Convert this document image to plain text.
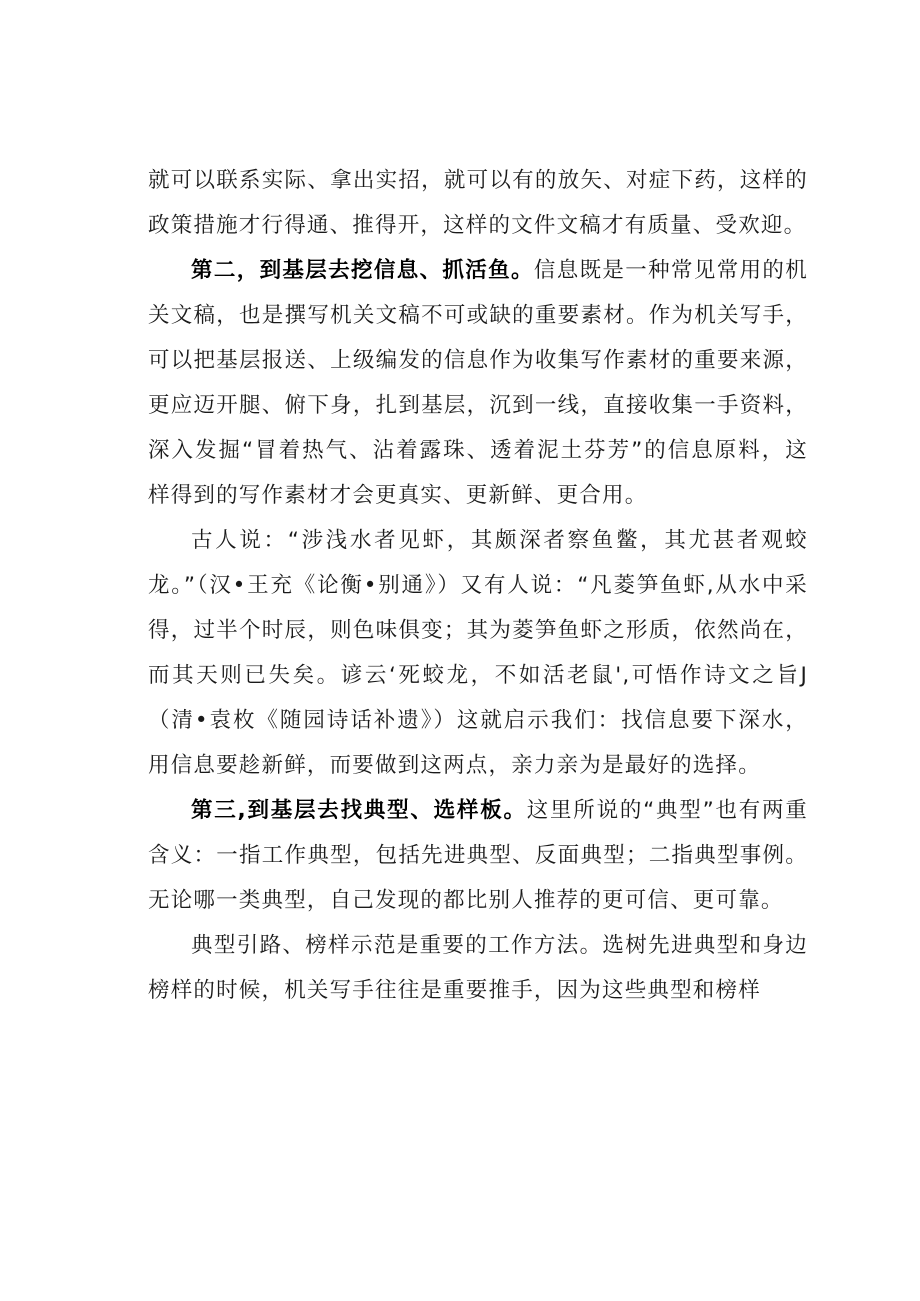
就可以联系实际、拿出实招，就可以有的放矢、对症下药，这样的政策措施才行得通、推得开，这样的文件文稿才有质量、受欢迎。

第二，到基层去挖信息、抓活鱼。信息既是一种常见常用的机关文稿，也是撰写机关文稿不可或缺的重要素材。作为机关写手，可以把基层报送、上级编发的信息作为收集写作素材的重要来源，更应迈开腿、俯下身，扎到基层，沉到一线，直接收集一手资料，深入发掘“冒着热气、沾着露珠、透着泥土芬芳”的信息原料，这样得到的写作素材才会更真实、更新鲜、更合用。

古人说：“涉浅水者见虾，其颇深者察鱼鳖，其尤甚者观蛟龙。”（汉•王充《论衡•别通》）又有人说：“凡菱笋鱼虾,从水中采得，过半个时辰，则色味俱变；其为菱笋鱼虾之形质，依然尚在，而其天则已失矣。谚云‘死蛟龙，不如活老鼠',可悟作诗文之旨J（清•袁枚《随园诗话补遗》）这就启示我们：找信息要下深水，用信息要趁新鲜，而要做到这两点，亲力亲为是最好的选择。

第三,到基层去找典型、选样板。这里所说的“典型”也有两重含义：一指工作典型，包括先进典型、反面典型；二指典型事例。无论哪一类典型，自己发现的都比别人推荐的更可信、更可靠。

典型引路、榜样示范是重要的工作方法。选树先进典型和身边榜样的时候，机关写手往往是重要推手，因为这些典型和榜样
